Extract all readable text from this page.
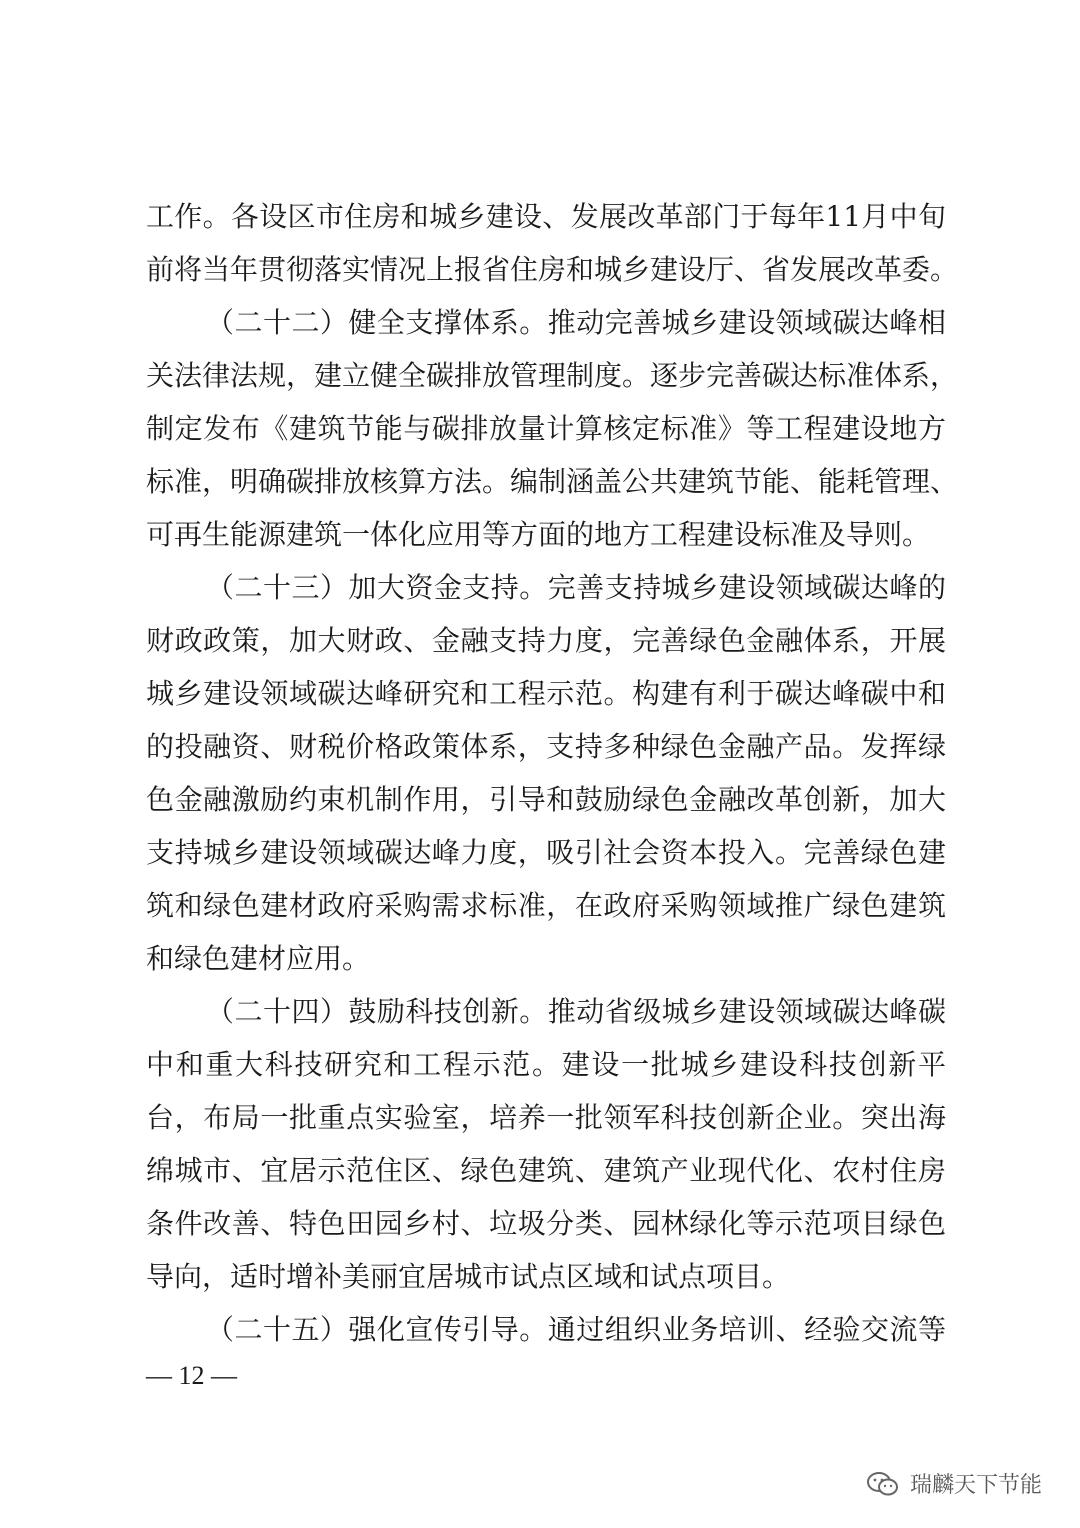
工作。各设区市住房和城乡建设、发展改革部门于每年11月中旬
前将当年贯彻落实情况上报省住房和城乡建设厅、省发展改革委。
（二十二）健全支撑体系。推动完善城乡建设领域碳达峰相
关法律法规，建立健全碳排放管理制度。逐步完善碳达标准体系，
制定发布《建筑节能与碳排放量计算核定标准》等工程建设地方
标准，明确碳排放核算方法。编制涵盖公共建筑节能、能耗管理、
可再生能源建筑一体化应用等方面的地方工程建设标准及导则。
（二十三）加大资金支持。完善支持城乡建设领域碳达峰的
财政政策，加大财政、金融支持力度，完善绿色金融体系，开展
城乡建设领域碳达峰研究和工程示范。构建有利于碳达峰碳中和
的投融资、财税价格政策体系，支持多种绿色金融产品。发挥绿
色金融激励约束机制作用，引导和鼓励绿色金融改革创新，加大
支持城乡建设领域碳达峰力度，吸引社会资本投入。完善绿色建
筑和绿色建材政府采购需求标准，在政府采购领域推广绿色建筑
和绿色建材应用。
（二十四）鼓励科技创新。推动省级城乡建设领域碳达峰碳
中和重大科技研究和工程示范。建设一批城乡建设科技创新平
台，布局一批重点实验室，培养一批领军科技创新企业。突出海
绵城市、宜居示范住区、绿色建筑、建筑产业现代化、农村住房
条件改善、特色田园乡村、垃圾分类、园林绿化等示范项目绿色
导向，适时增补美丽宜居城市试点区域和试点项目。
（二十五）强化宣传引导。通过组织业务培训、经验交流等
— 12 —
瑞麟天下节能
